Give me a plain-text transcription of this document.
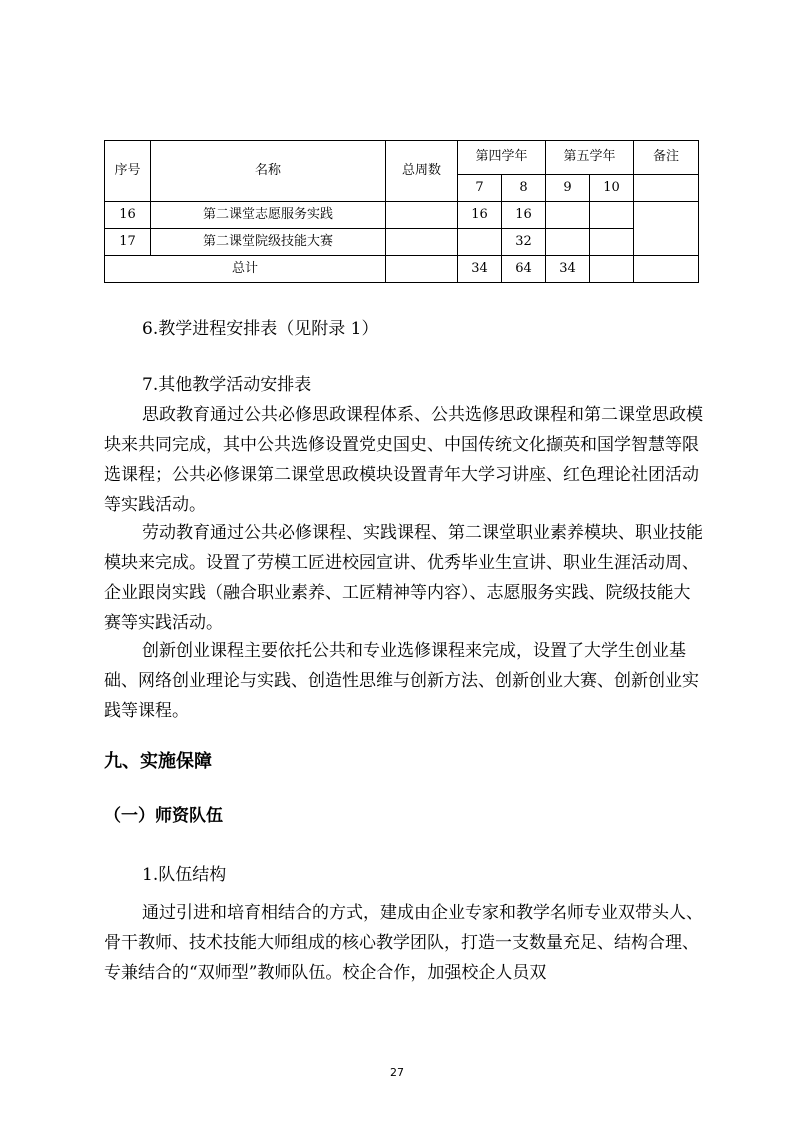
序号	名称	总周数	第四学年		第五学年		备注
			7	8	9	10	
16	第二课堂志愿服务实践		16	16			
17	第二课堂院级技能大赛			32			
总计			34	64	34		
6.教学进程安排表（见附录 1）
7.其他教学活动安排表

思政教育通过公共必修思政课程体系、公共选修思政课程和第二课堂思政模块来共同完成，其中公共选修设置党史国史、中国传统文化撷英和国学智慧等限选课程；公共必修课第二课堂思政模块设置青年大学习讲座、红色理论社团活动等实践活动。

劳动教育通过公共必修课程、实践课程、第二课堂职业素养模块、职业技能模块来完成。设置了劳模工匠进校园宣讲、优秀毕业生宣讲、职业生涯活动周、企业跟岗实践（融合职业素养、工匠精神等内容）、志愿服务实践、院级技能大赛等实践活动。

创新创业课程主要依托公共和专业选修课程来完成，设置了大学生创业基础、网络创业理论与实践、创造性思维与创新方法、创新创业大赛、创新创业实践等课程。

九、实施保障
（一）师资队伍
1.队伍结构

通过引进和培育相结合的方式，建成由企业专家和教学名师专业双带头人、骨干教师、技术技能大师组成的核心教学团队，打造一支数量充足、结构合理、专兼结合的“双师型”教师队伍。校企合作，加强校企人员双

27
